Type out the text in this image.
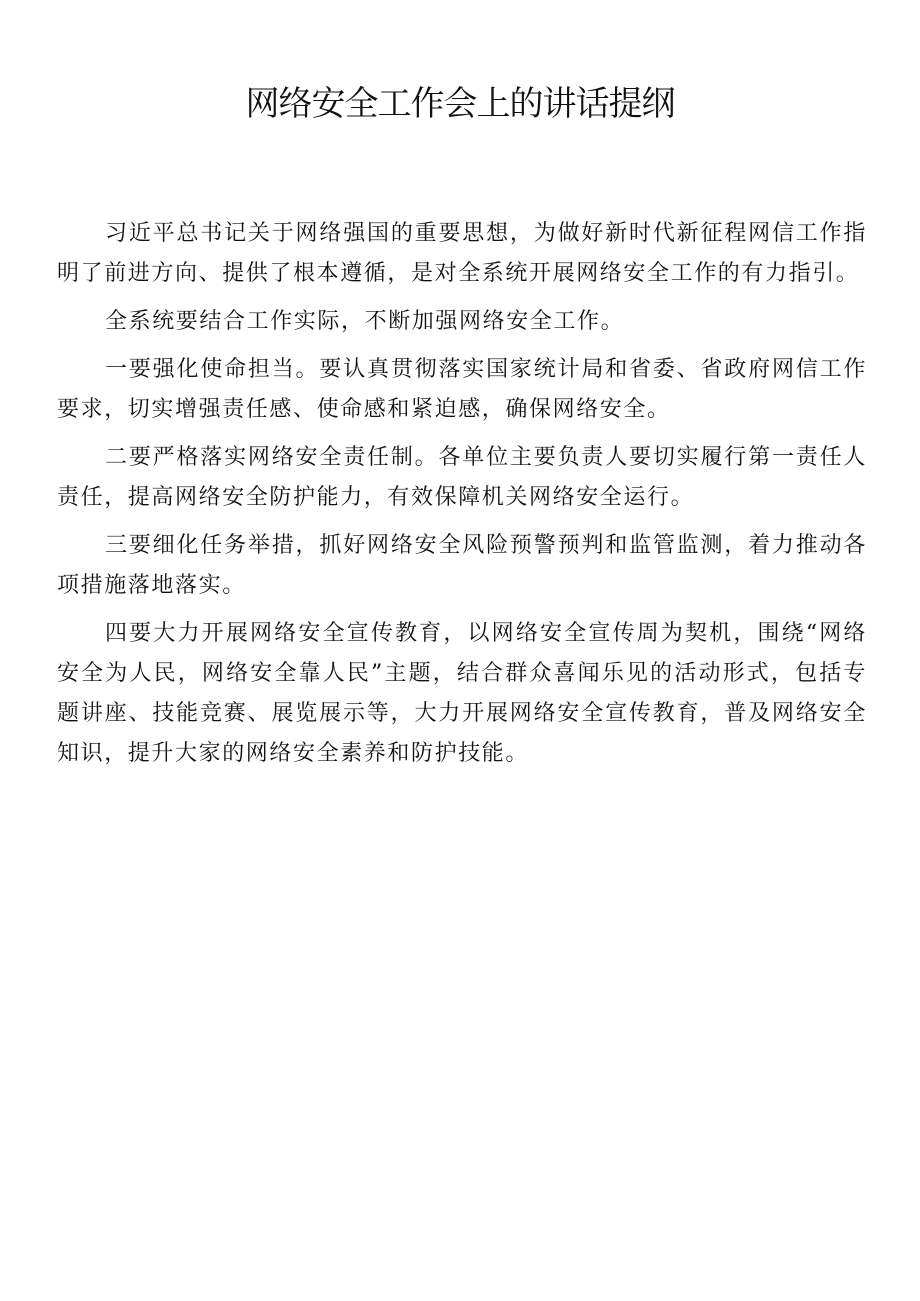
网络安全工作会上的讲话提纲

习近平总书记关于网络强国的重要思想，为做好新时代新征程网信工作指明了前进方向、提供了根本遵循，是对全系统开展网络安全工作的有力指引。

全系统要结合工作实际，不断加强网络安全工作。

一要强化使命担当。要认真贯彻落实国家统计局和省委、省政府网信工作要求，切实增强责任感、使命感和紧迫感，确保网络安全。

二要严格落实网络安全责任制。各单位主要负责人要切实履行第一责任人责任，提高网络安全防护能力，有效保障机关网络安全运行。

三要细化任务举措，抓好网络安全风险预警预判和监管监测，着力推动各项措施落地落实。

四要大力开展网络安全宣传教育，以网络安全宣传周为契机，围绕“网络安全为人民，网络安全靠人民”主题，结合群众喜闻乐见的活动形式，包括专题讲座、技能竞赛、展览展示等，大力开展网络安全宣传教育，普及网络安全知识，提升大家的网络安全素养和防护技能。
